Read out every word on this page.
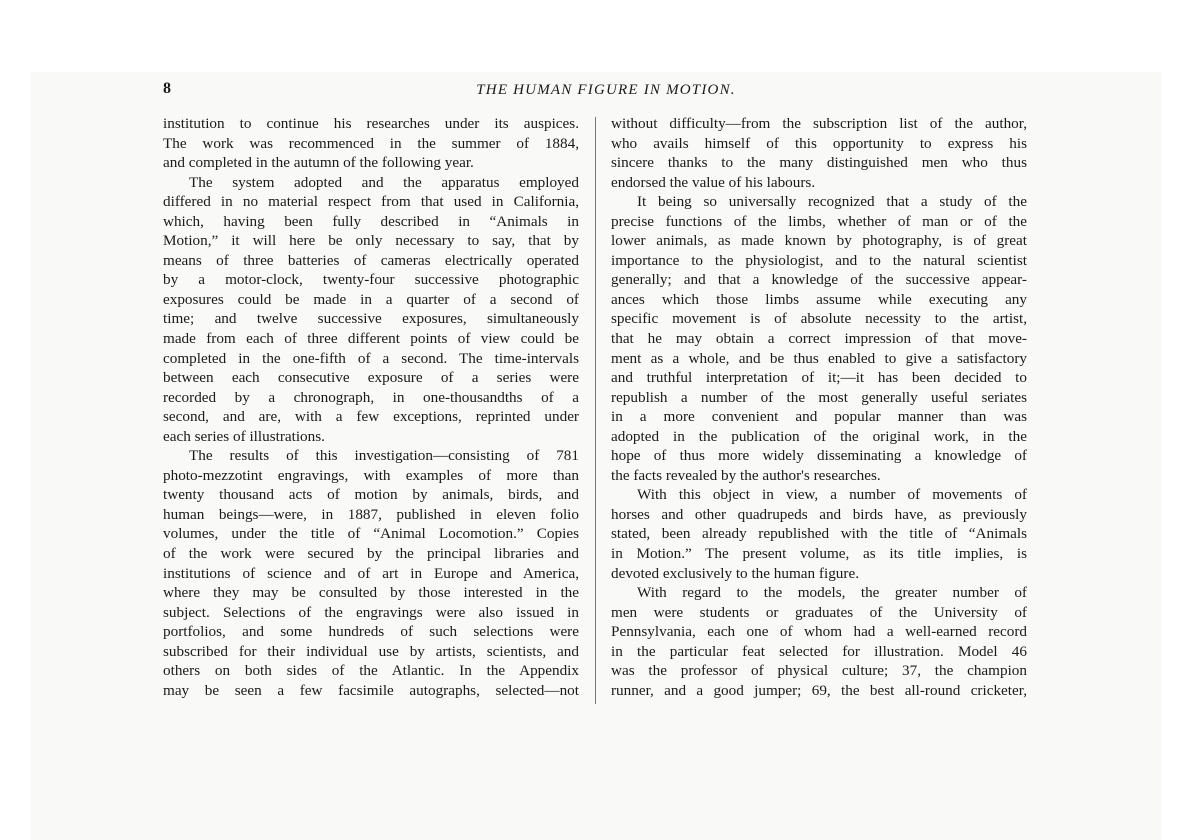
8	THE HUMAN FIGURE IN MOTION.
institution to continue his researches under its auspices.
The work was recommenced in the summer of 1884,
and completed in the autumn of the following year.
The system adopted and the apparatus employed
differed in no material respect from that used in California,
which, having been fully described in “Animals in
Motion,” it will here be only necessary to say, that by
means of three batteries of cameras electrically operated
by a motor-clock, twenty-four successive photographic
exposures could be made in a quarter of a second of
time; and twelve successive exposures, simultaneously
made from each of three different points of view could be
completed in the one-fifth of a second. The time-intervals
between each consecutive exposure of a series were
recorded by a chronograph, in one-thousandths of a
second, and are, with a few exceptions, reprinted under
each series of illustrations.
The results of this investigation—consisting of 781
photo-mezzotint engravings, with examples of more than
twenty thousand acts of motion by animals, birds, and
human beings—were, in 1887, published in eleven folio
volumes, under the title of “Animal Locomotion.” Copies
of the work were secured by the principal libraries and
institutions of science and of art in Europe and America,
where they may be consulted by those interested in the
subject. Selections of the engravings were also issued in
portfolios, and some hundreds of such selections were
subscribed for their individual use by artists, scientists, and
others on both sides of the Atlantic. In the Appendix
may be seen a few facsimile autographs, selected—not
without difficulty—from the subscription list of the author,
who avails himself of this opportunity to express his
sincere thanks to the many distinguished men who thus
endorsed the value of his labours.
It being so universally recognized that a study of the
precise functions of the limbs, whether of man or of the
lower animals, as made known by photography, is of great
importance to the physiologist, and to the natural scientist
generally; and that a knowledge of the successive appear-
ances which those limbs assume while executing any
specific movement is of absolute necessity to the artist,
that he may obtain a correct impression of that move-
ment as a whole, and be thus enabled to give a satisfactory
and truthful interpretation of it;—it has been decided to
republish a number of the most generally useful seriates
in a more convenient and popular manner than was
adopted in the publication of the original work, in the
hope of thus more widely disseminating a knowledge of
the facts revealed by the author's researches.
With this object in view, a number of movements of
horses and other quadrupeds and birds have, as previously
stated, been already republished with the title of “Animals
in Motion.” The present volume, as its title implies, is
devoted exclusively to the human figure.
With regard to the models, the greater number of
men were students or graduates of the University of
Pennsylvania, each one of whom had a well-earned record
in the particular feat selected for illustration. Model 46
was the professor of physical culture; 37, the champion
runner, and a good jumper; 69, the best all-round cricketer,
